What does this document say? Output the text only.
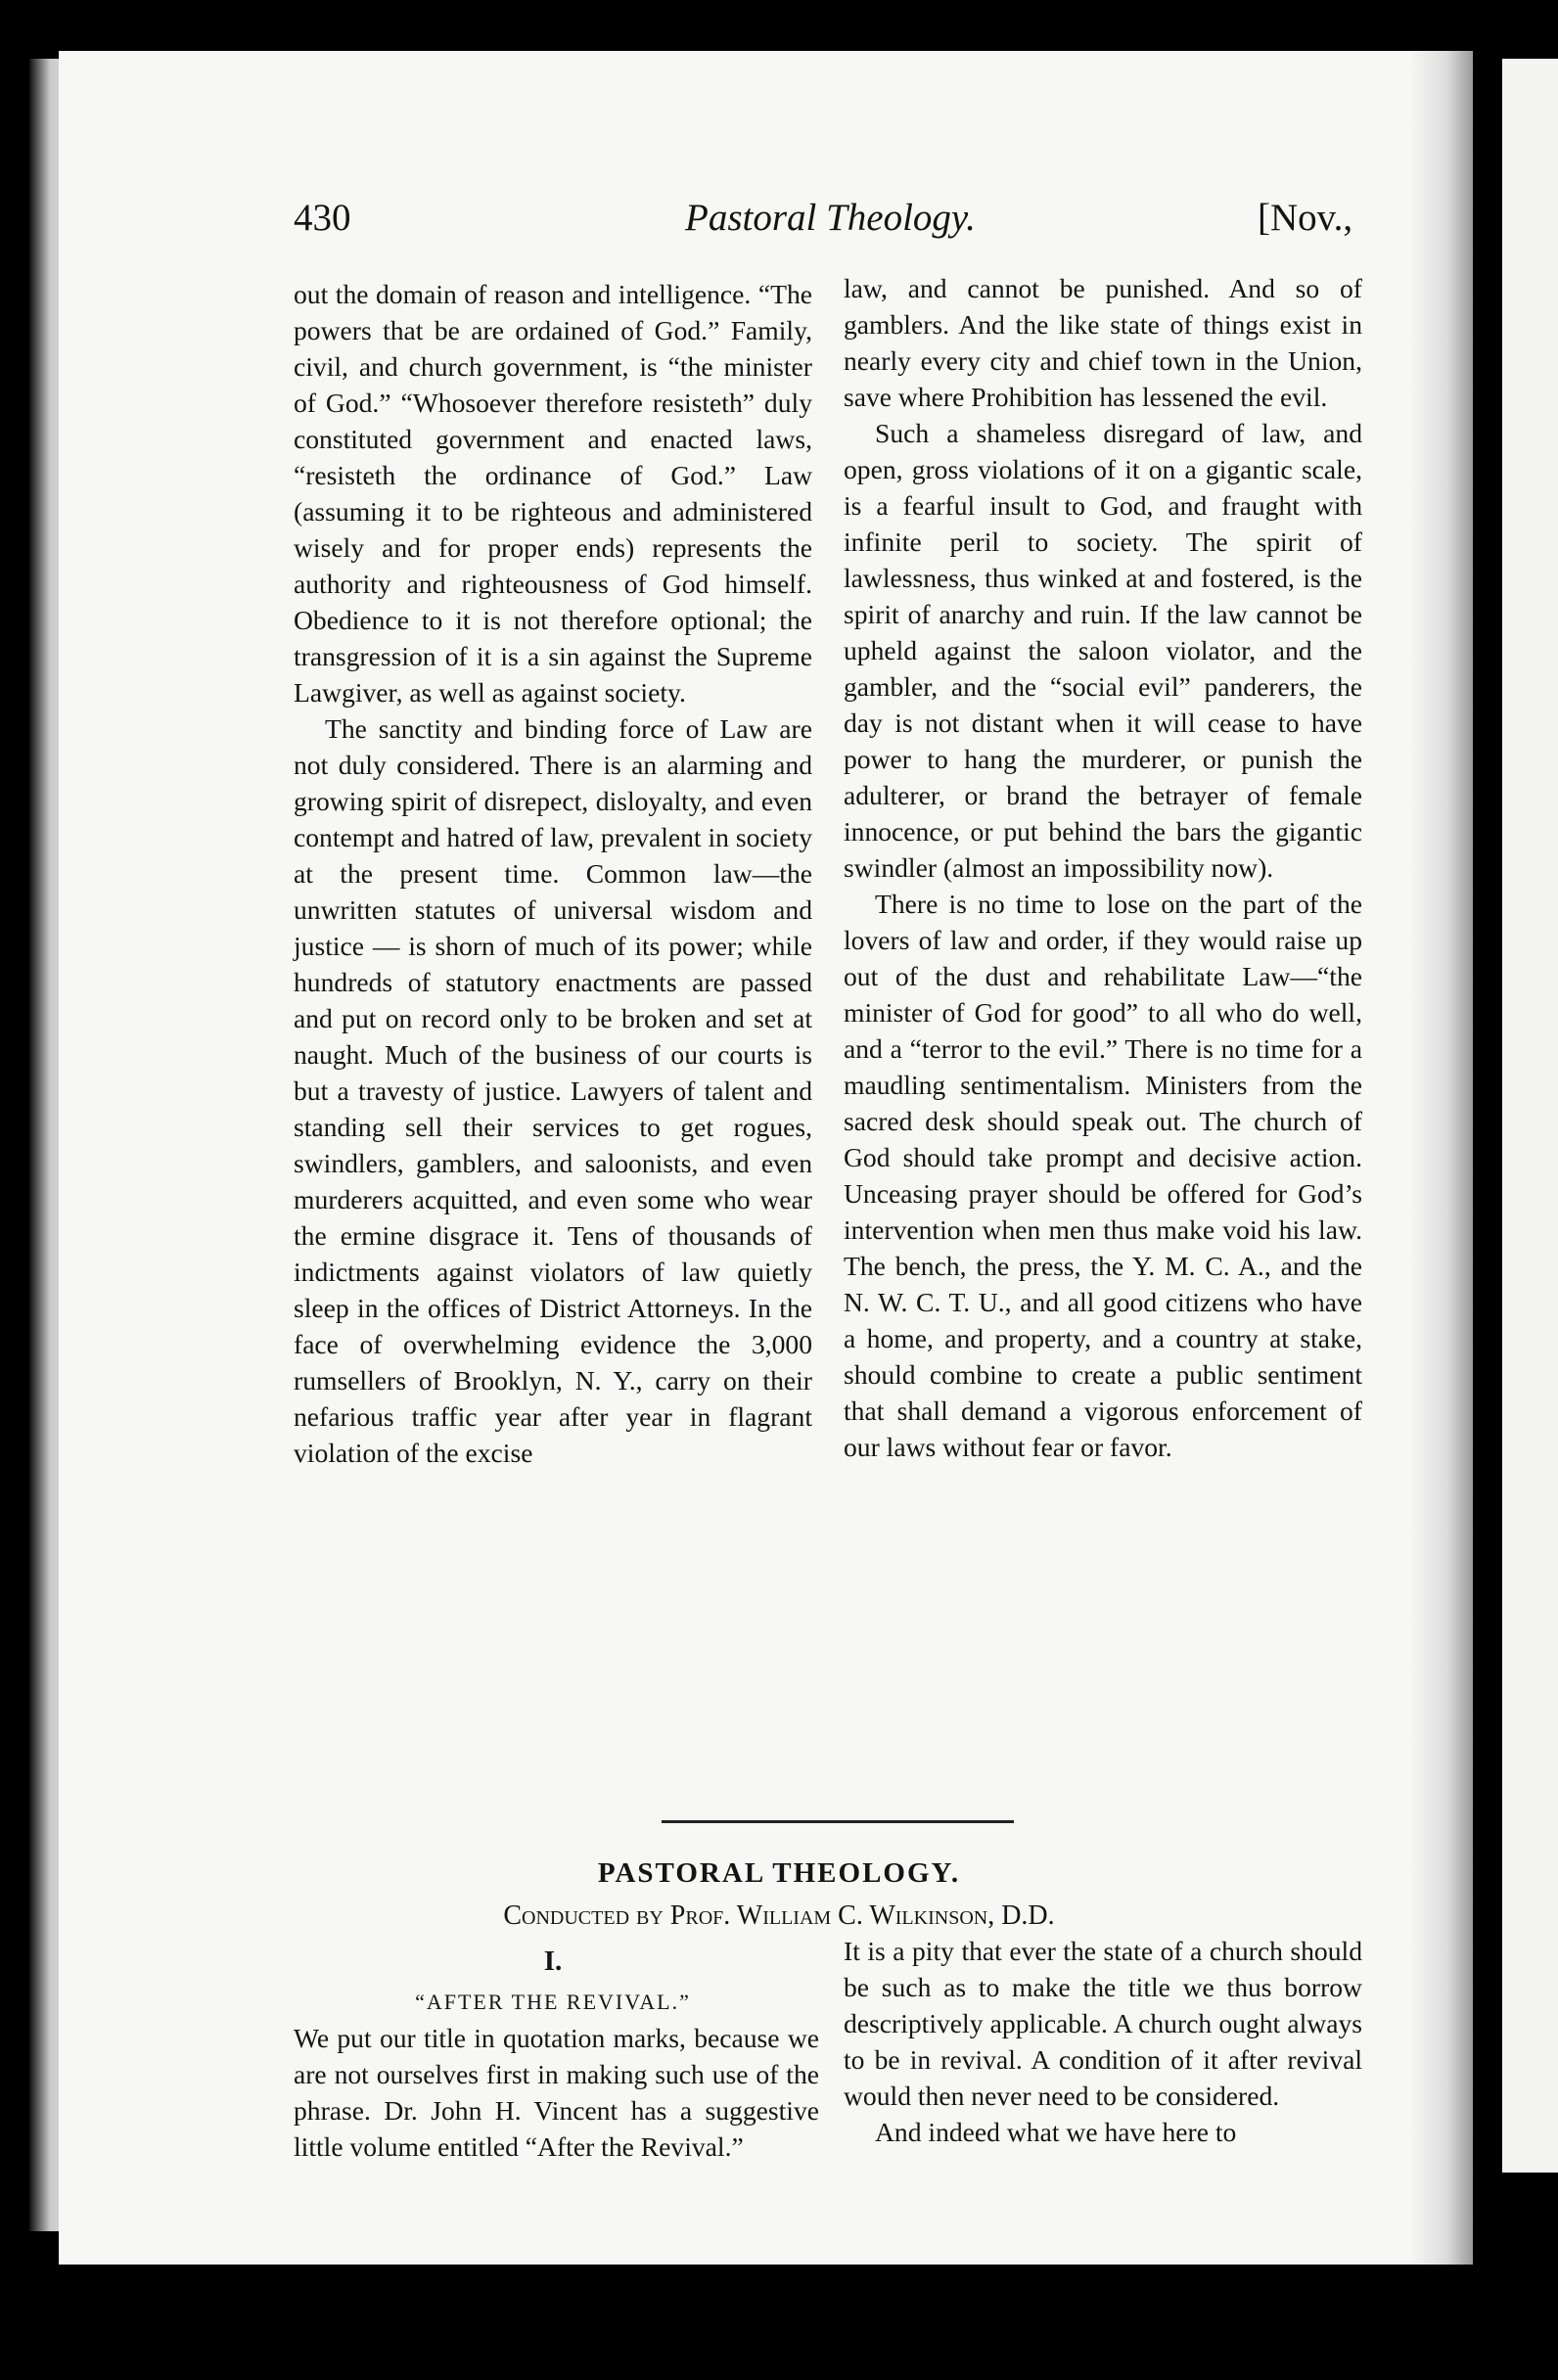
430	Pastoral Theology.	[Nov.,

out the domain of reason and intelligence. “The powers that be are ordained of God.” Family, civil, and church government, is “the minister of God.” “Whosoever therefore resisteth” duly constituted government and enacted laws, “resisteth the ordinance of God.” Law (assuming it to be righteous and administered wisely and for proper ends) represents the authority and righteousness of God himself. Obedience to it is not therefore optional; the transgression of it is a sin against the Supreme Lawgiver, as well as against society.

The sanctity and binding force of Law are not duly considered. There is an alarming and growing spirit of disrepect, disloyalty, and even contempt and hatred of law, prevalent in society at the present time. Common law—the unwritten statutes of universal wisdom and justice — is shorn of much of its power; while hundreds of statutory enactments are passed and put on record only to be broken and set at naught. Much of the business of our courts is but a travesty of justice. Lawyers of talent and standing sell their services to get rogues, swindlers, gamblers, and saloonists, and even murderers acquitted, and even some who wear the ermine disgrace it. Tens of thousands of indictments against violators of law quietly sleep in the offices of District Attorneys. In the face of overwhelming evidence the 3,000 rumsellers of Brooklyn, N. Y., carry on their nefarious traffic year after year in flagrant violation of the excise

law, and cannot be punished. And so of gamblers. And the like state of things exist in nearly every city and chief town in the Union, save where Prohibition has lessened the evil.

Such a shameless disregard of law, and open, gross violations of it on a gigantic scale, is a fearful insult to God, and fraught with infinite peril to society. The spirit of lawlessness, thus winked at and fostered, is the spirit of anarchy and ruin. If the law cannot be upheld against the saloon violator, and the gambler, and the “social evil” panderers, the day is not distant when it will cease to have power to hang the murderer, or punish the adulterer, or brand the betrayer of female innocence, or put behind the bars the gigantic swindler (almost an impossibility now).

There is no time to lose on the part of the lovers of law and order, if they would raise up out of the dust and rehabilitate Law—“the minister of God for good” to all who do well, and a “terror to the evil.” There is no time for a maudling sentimentalism. Ministers from the sacred desk should speak out. The church of God should take prompt and decisive action. Unceasing prayer should be offered for God’s intervention when men thus make void his law. The bench, the press, the Y. M. C. A., and the N. W. C. T. U., and all good citizens who have a home, and property, and a country at stake, should combine to create a public sentiment that shall demand a vigorous enforcement of our laws without fear or favor.

PASTORAL THEOLOGY.
Conducted by Prof. William C. Wilkinson, D.D.
I.
“AFTER THE REVIVAL.”

We put our title in quotation marks, because we are not ourselves first in making such use of the phrase. Dr. John H. Vincent has a suggestive little volume entitled “After the Revival.”

It is a pity that ever the state of a church should be such as to make the title we thus borrow descriptively applicable. A church ought always to be in revival. A condition of it after revival would then never need to be considered.

And indeed what we have here to
